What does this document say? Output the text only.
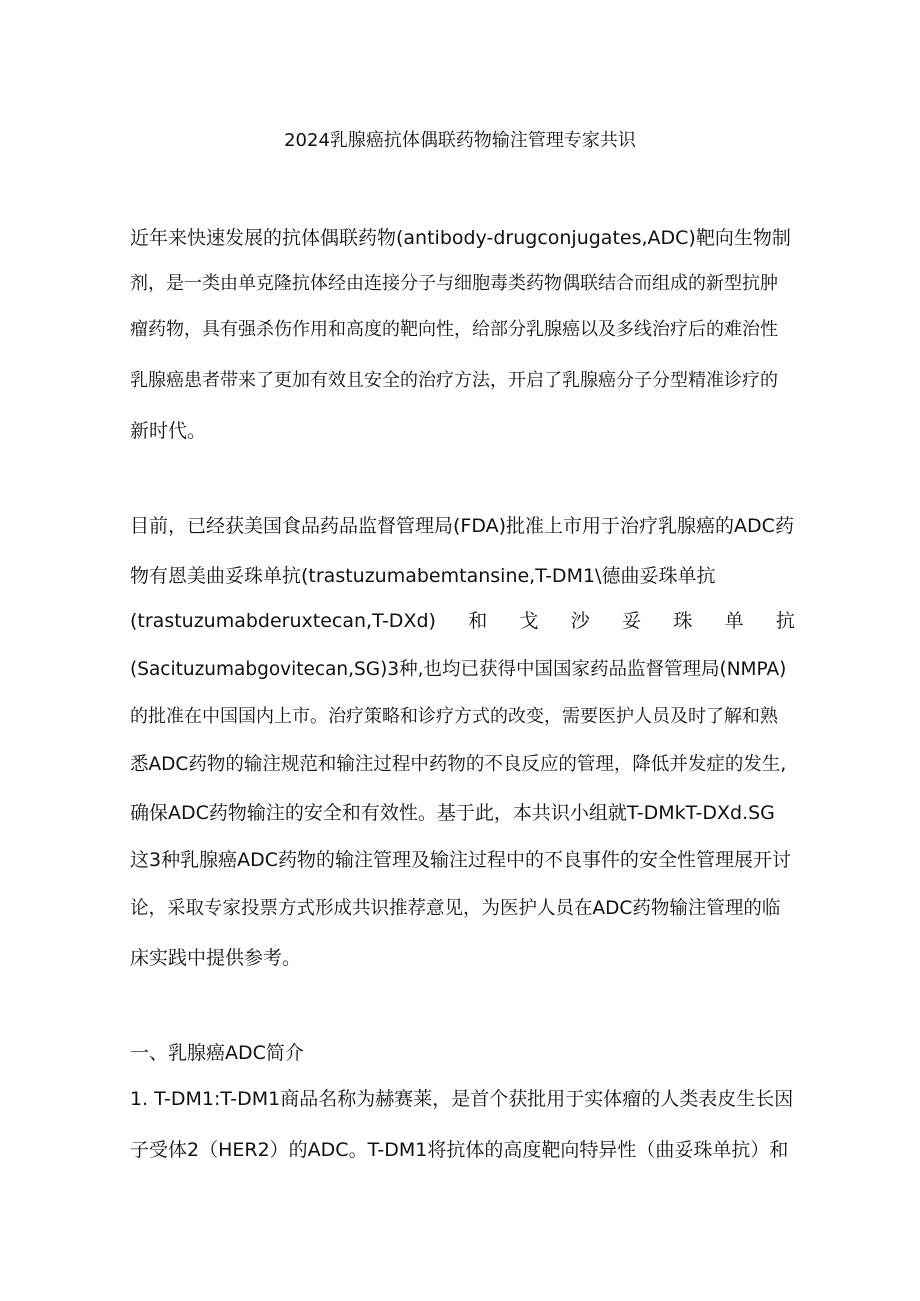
2024乳腺癌抗体偶联药物输注管理专家共识
近年来快速发展的抗体偶联药物(antibody-drugconjugates,ADC)靶向生物制
剂，是一类由单克隆抗体经由连接分子与细胞毒类药物偶联结合而组成的新型抗肿
瘤药物，具有强杀伤作用和高度的靶向性，给部分乳腺癌以及多线治疗后的难治性
乳腺癌患者带来了更加有效且安全的治疗方法，开启了乳腺癌分子分型精准诊疗的
新时代。
目前，已经获美国食品药品监督管理局(FDA)批准上市用于治疗乳腺癌的ADC药
物有恩美曲妥珠单抗(trastuzumabemtansine,T-DM1\德曲妥珠单抗
(trastuzumabderuxtecan,T-DXd) 和 戈 沙 妥 珠 单 抗
(Sacituzumabgovitecan,SG)3种,也均已获得中国国家药品监督管理局(NMPA)
的批准在中国国内上市。治疗策略和诊疗方式的改变，需要医护人员及时了解和熟
悉ADC药物的输注规范和输注过程中药物的不良反应的管理，降低并发症的发生,
确保ADC药物输注的安全和有效性。基于此，本共识小组就T-DMkT-DXd.SG
这3种乳腺癌ADC药物的输注管理及输注过程中的不良事件的安全性管理展开讨
论，采取专家投票方式形成共识推荐意见，为医护人员在ADC药物输注管理的临
床实践中提供参考。
一、乳腺癌ADC简介
1. T-DM1:T-DM1商品名称为赫赛莱，是首个获批用于实体瘤的人类表皮生长因
子受体2（HER2）的ADC。T-DM1将抗体的高度靶向特异性（曲妥珠单抗）和
